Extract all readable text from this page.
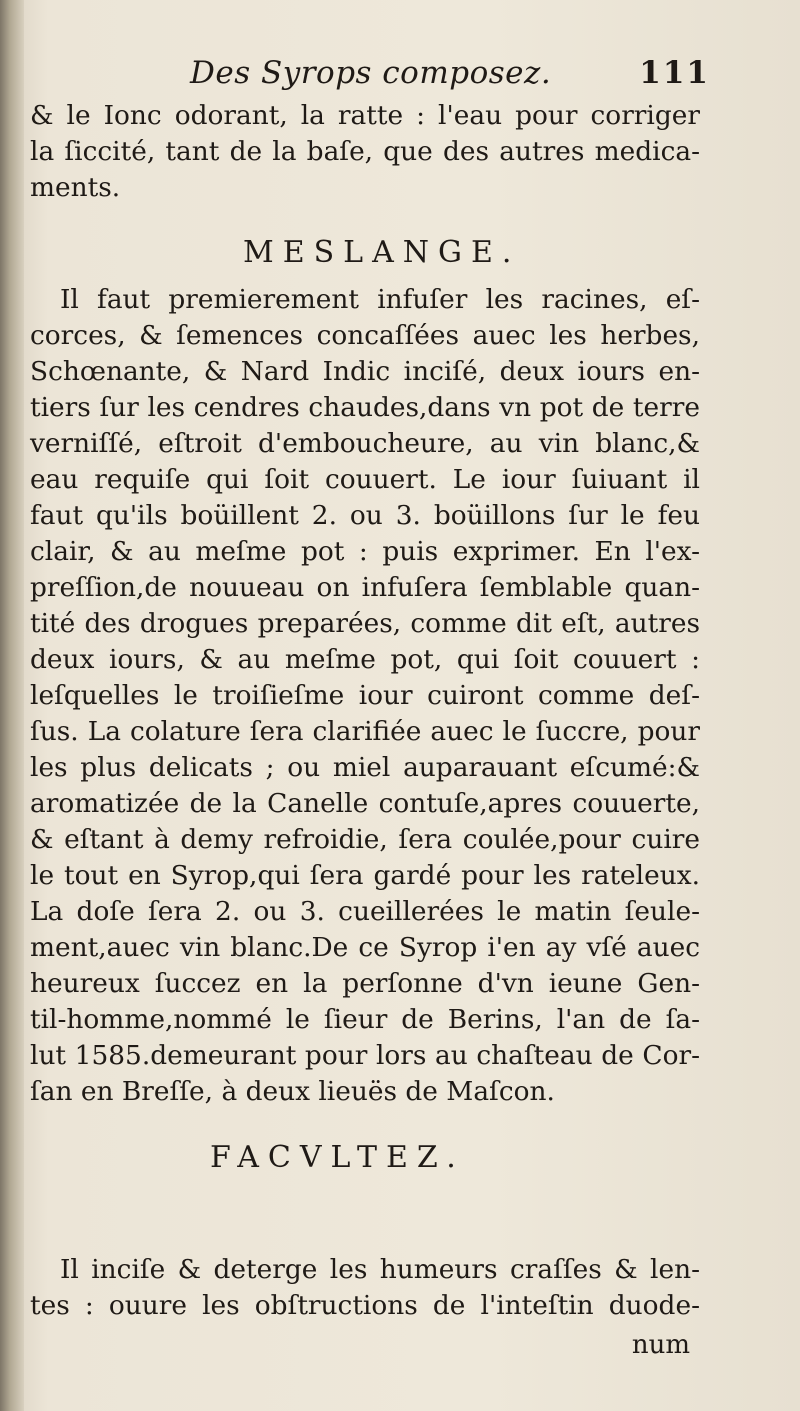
Des Syrops composez.	111
& le Ionc odorant, la ratte : l'eau pour corriger
la ſiccité, tant de la baſe, que des autres medica-
ments.
MESLANGE.
Il faut premierement infuſer les racines, eſ-
corces, & ſemences concaſſées auec les herbes,
Schœnante, & Nard Indic inciſé, deux iours en-
tiers ſur les cendres chaudes,dans vn pot de terre
verniſſé, eſtroit d'emboucheure, au vin blanc,&
eau requiſe qui ſoit couuert. Le iour ſuiuant il
faut qu'ils boüillent 2. ou 3. boüillons ſur le feu
clair, & au meſme pot : puis exprimer. En l'ex-
preſſion,de nouueau on infuſera ſemblable quan-
tité des drogues preparées, comme dit eſt, autres
deux iours, & au meſme pot, qui ſoit couuert :
leſquelles le troiſieſme iour cuiront comme deſ-
ſus. La colature ſera clarifiée auec le ſuccre, pour
les plus delicats ; ou miel auparauant eſcumé:&
aromatizée de la Canelle contuſe,apres couuerte,
& eſtant à demy refroidie, ſera coulée,pour cuire
le tout en Syrop,qui ſera gardé pour les rateleux.
La doſe ſera 2. ou 3. cueillerées le matin ſeule-
ment,auec vin blanc.De ce Syrop i'en ay vſé auec
heureux ſuccez en la perſonne d'vn ieune Gen-
til-homme,nommé le ſieur de Berins, l'an de ſa-
lut 1585.demeurant pour lors au chaſteau de Cor-
ſan en Breſſe, à deux lieuës de Maſcon.
FACVLTEZ.
Il inciſe & deterge les humeurs craſſes & len-
tes : ouure les obſtructions de l'inteſtin duode-
num
